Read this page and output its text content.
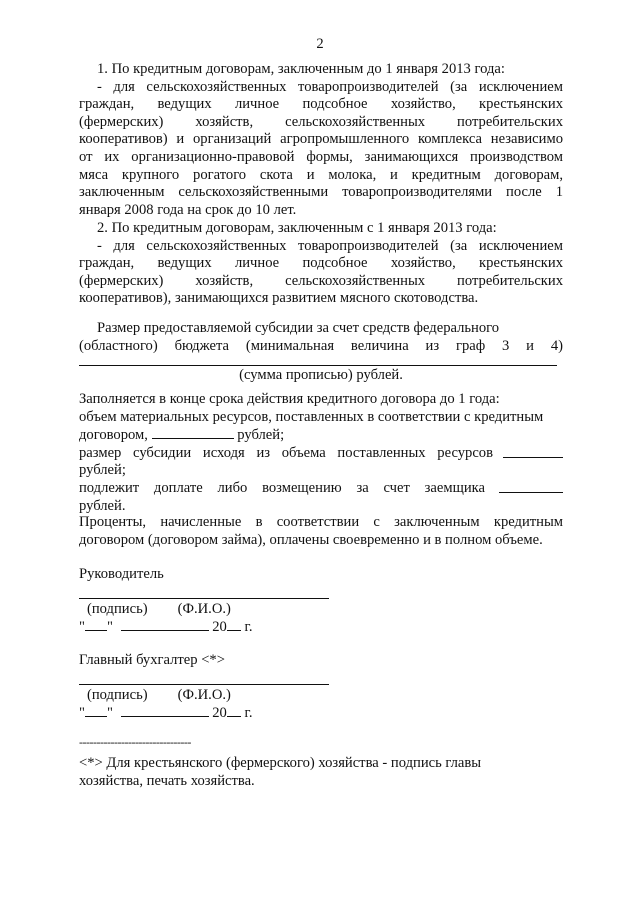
2

1. По кредитным договорам, заключенным до 1 января 2013 года:

- для сельскохозяйственных товаропроизводителей (за исключением

граждан, ведущих личное подсобное хозяйство, крестьянских

(фермерских) хозяйств, сельскохозяйственных потребительских

кооперативов) и организаций агропромышленного комплекса независимо

от их организационно-правовой формы, занимающихся производством

мяса крупного рогатого скота и молока, и кредитным договорам,

заключенным сельскохозяйственными товаропроизводителями после 1

января 2008 года на срок до 10 лет.

2. По кредитным договорам, заключенным с 1 января 2013 года:

- для сельскохозяйственных товаропроизводителей (за исключением

граждан, ведущих личное подсобное хозяйство, крестьянских

(фермерских) хозяйств, сельскохозяйственных потребительских

кооперативов), занимающихся развитием мясного скотоводства.

Размер предоставляемой субсидии за счет средств федерального

(областного) бюджета (минимальная величина из граф 3 и 4)

(сумма прописью) рублей.

Заполняется в конце срока действия кредитного договора до 1 года:

объем материальных ресурсов, поставленных в соответствии с кредитным

договором,	рублей;

размер субсидии исходя из объема поставленных ресурсов

рублей;

подлежит доплате либо возмещению за счет заемщика

рублей.

Проценты, начисленные в соответствии с заключенным кредитным

договором (договором займа), оплачены своевременно и в полном объеме.

Руководитель

(подпись) (Ф.И.О.)

" "	20 г.

Главный бухгалтер <*>

(подпись) (Ф.И.О.)

" "	20 г.

--------------------------------

<*> Для крестьянского (фермерского) хозяйства - подпись главы

хозяйства, печать хозяйства.
